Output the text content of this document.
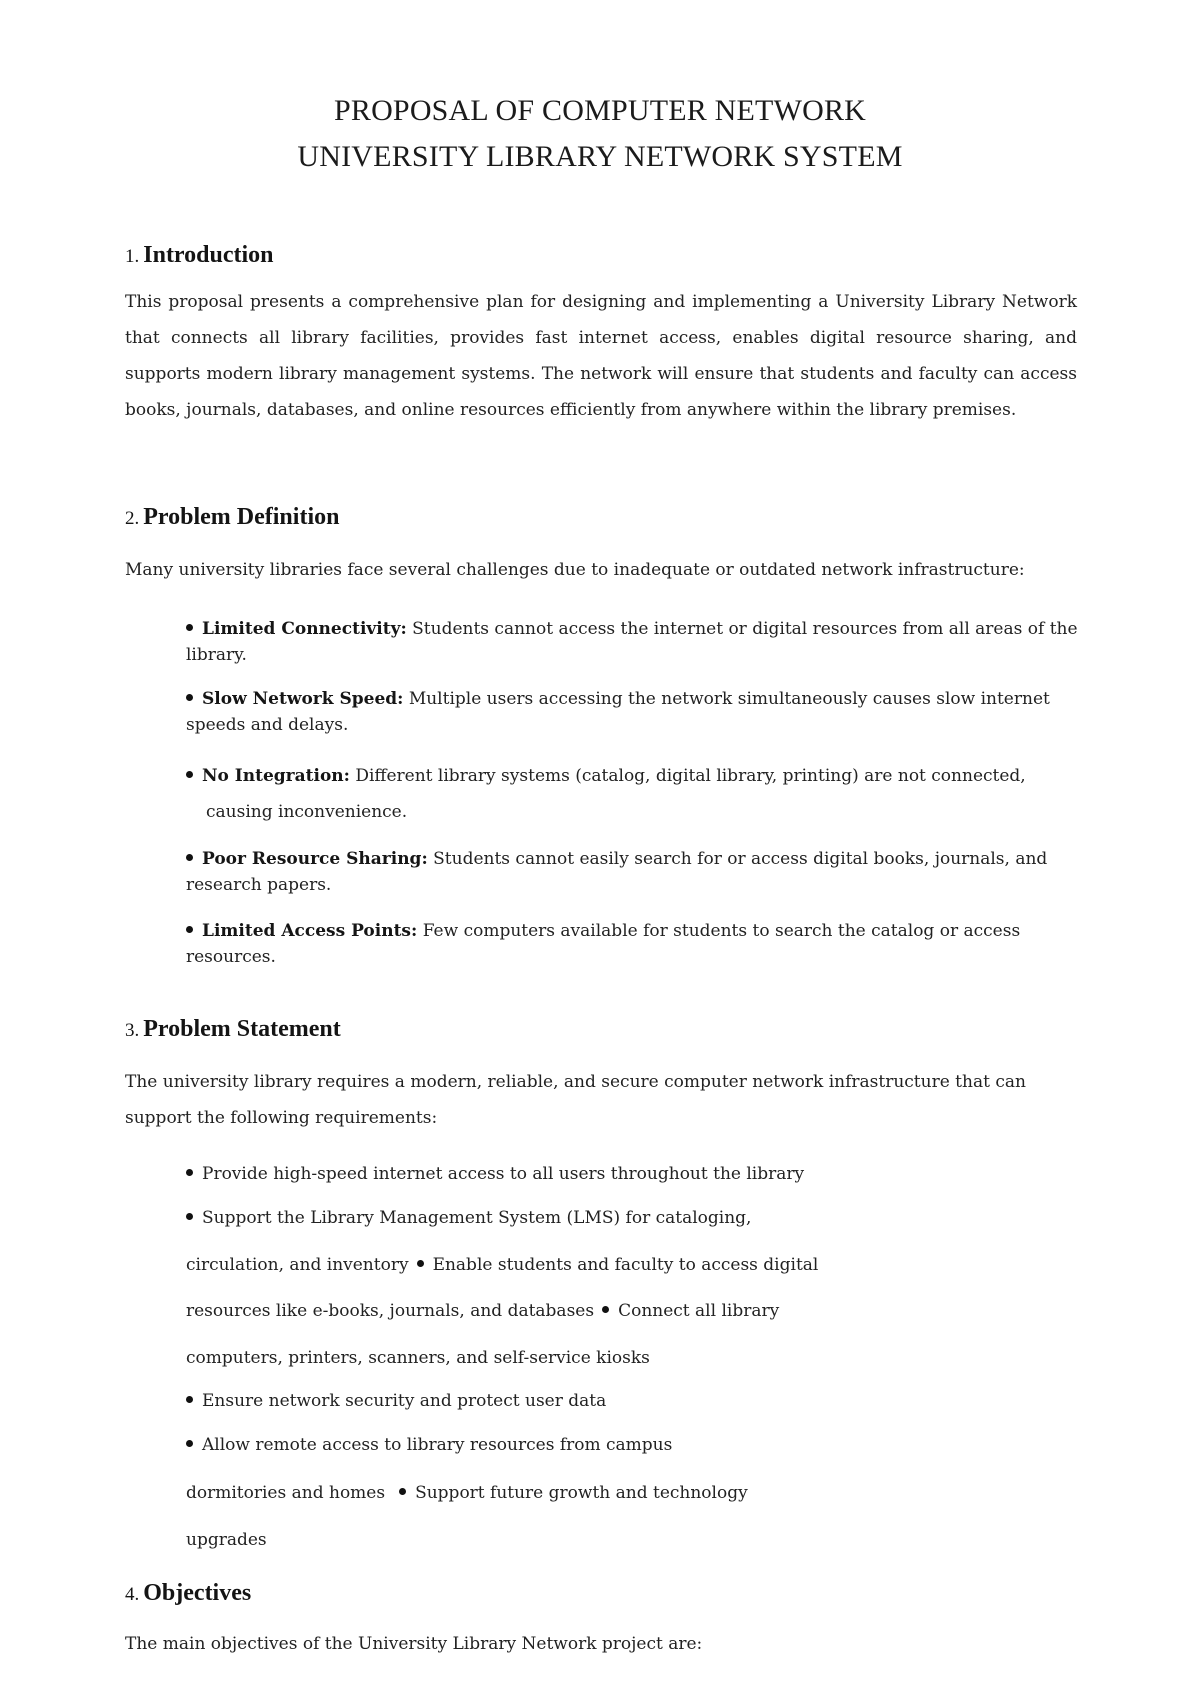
PROPOSAL OF COMPUTER NETWORK
UNIVERSITY LIBRARY NETWORK SYSTEM
1. Introduction
This proposal presents a comprehensive plan for designing and implementing a University Library Network that connects all library facilities, provides fast internet access, enables digital resource sharing, and supports modern library management systems. The network will ensure that students and faculty can access books, journals, databases, and online resources efficiently from anywhere within the library premises.
2. Problem Definition
Many university libraries face several challenges due to inadequate or outdated network infrastructure:
Limited Connectivity: Students cannot access the internet or digital resources from all areas of the library.
Slow Network Speed: Multiple users accessing the network simultaneously causes slow internet speeds and delays.
No Integration: Different library systems (catalog, digital library, printing) are not connected,
causing inconvenience.
Poor Resource Sharing: Students cannot easily search for or access digital books, journals, and research papers.
Limited Access Points: Few computers available for students to search the catalog or access resources.
3. Problem Statement
The university library requires a modern, reliable, and secure computer network infrastructure that can support the following requirements:
Provide high-speed internet access to all users throughout the library
Support the Library Management System (LMS) for cataloging,
circulation, and inventory Enable students and faculty to access digital
resources like e-books, journals, and databases Connect all library
computers, printers, scanners, and self-service kiosks
Ensure network security and protect user data
Allow remote access to library resources from campus
dormitories and homes Support future growth and technology
upgrades
4. Objectives
The main objectives of the University Library Network project are:
